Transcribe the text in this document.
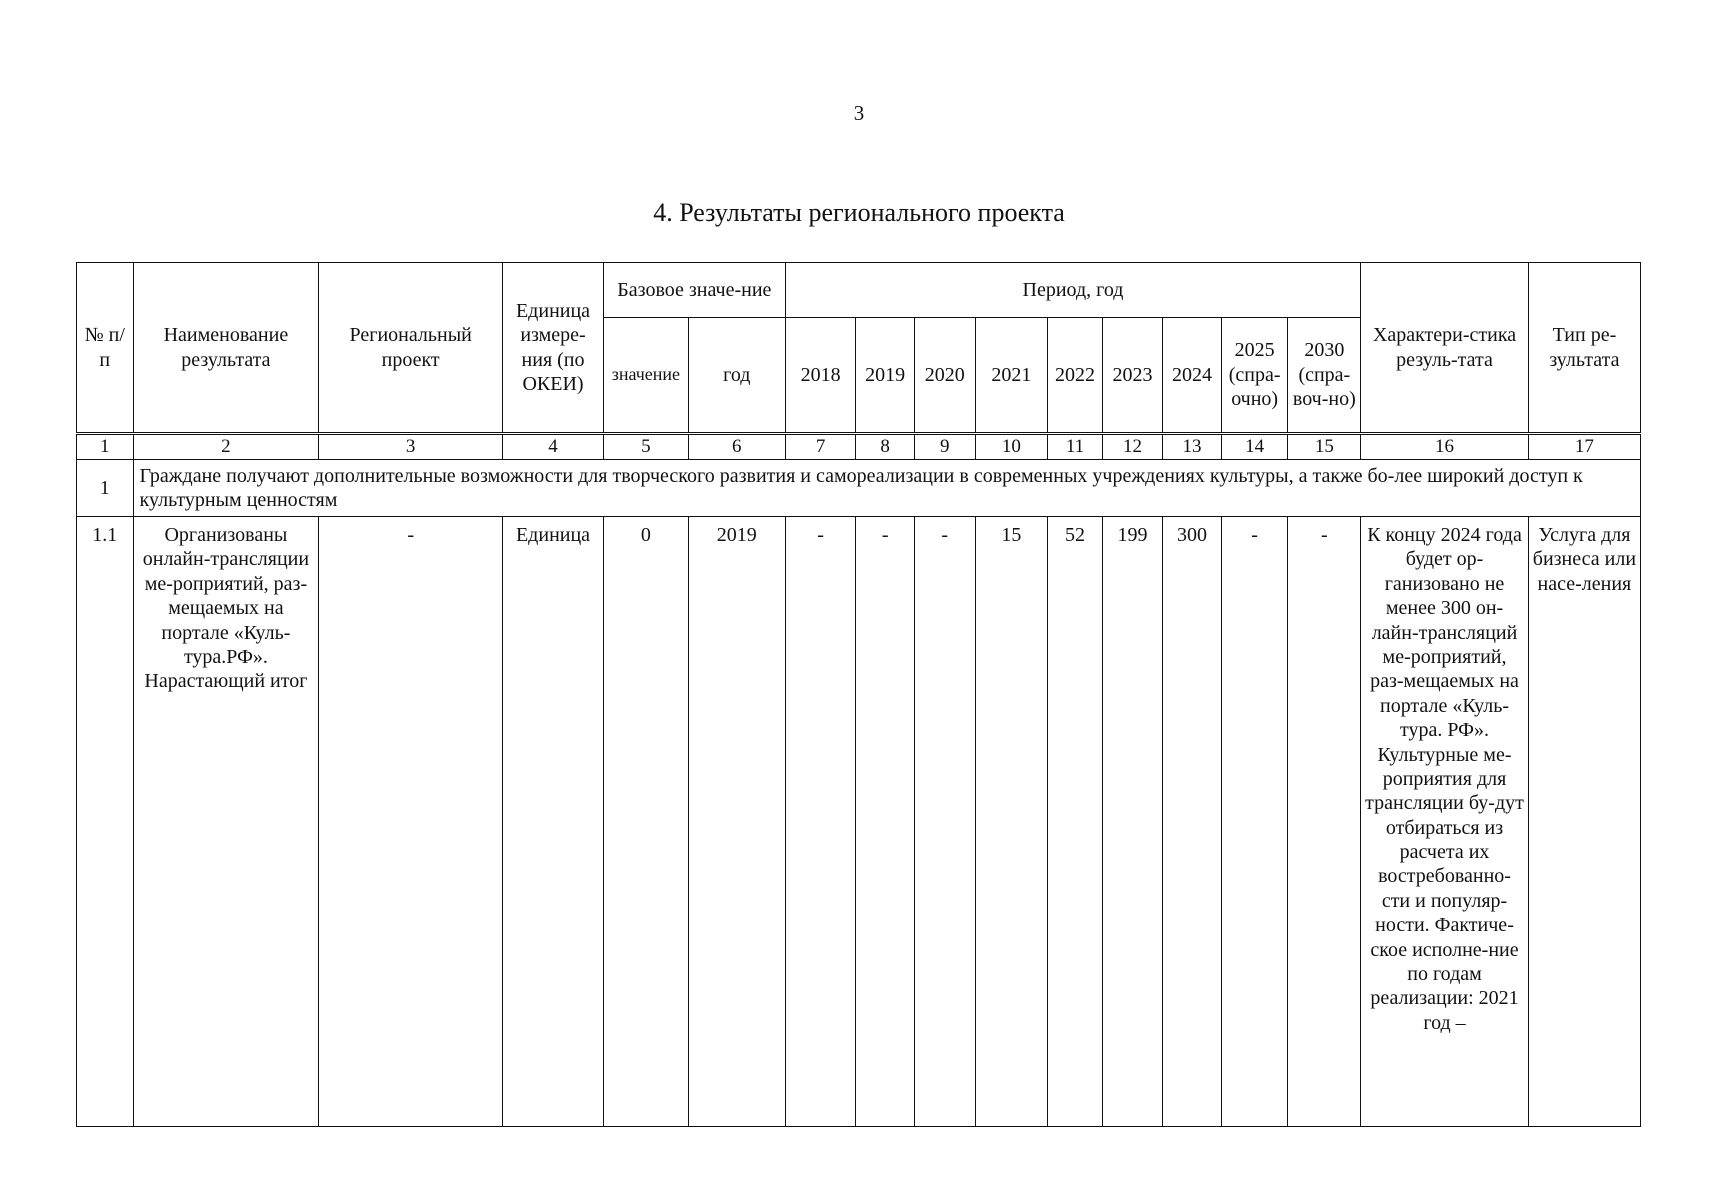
3
4. Результаты регионального проекта
№ п/п	Наименование результата	Региональный проект	Единица измере-ния (по ОКЕИ)	Базовое значе-ние		Период, год									Характери-стика резуль-тата	Тип ре-зультата
				значение	год	2018	2019	2020	2021	2022	2023	2024	2025 (спра-очно)	2030 (спра-воч-но)		
1	2	3	4	5	6	7	8	9	10	11	12	13	14	15	16	17
1	Граждане получают дополнительные возможности для творческого развития и самореализации в современных учреждениях культуры, а также бо-лее широкий доступ к культурным ценностям															
1.1	Организованы онлайн-трансляции ме-роприятий, раз-мещаемых на портале «Куль-тура.РФ». Нарастающий итог	-	Единица	0	2019	-	-	-	15	52	199	300	-	-	К концу 2024 года будет ор-ганизовано не менее 300 он-лайн-трансляций ме-роприятий, раз-мещаемых на портале «Куль-тура. РФ». Культурные ме-роприятия для трансляции бу-дут отбираться из расчета их востребованно-сти и популяр-ности. Фактиче-ское исполне-ние по годам реализации: 2021 год –	Услуга для бизнеса или насе-ления
